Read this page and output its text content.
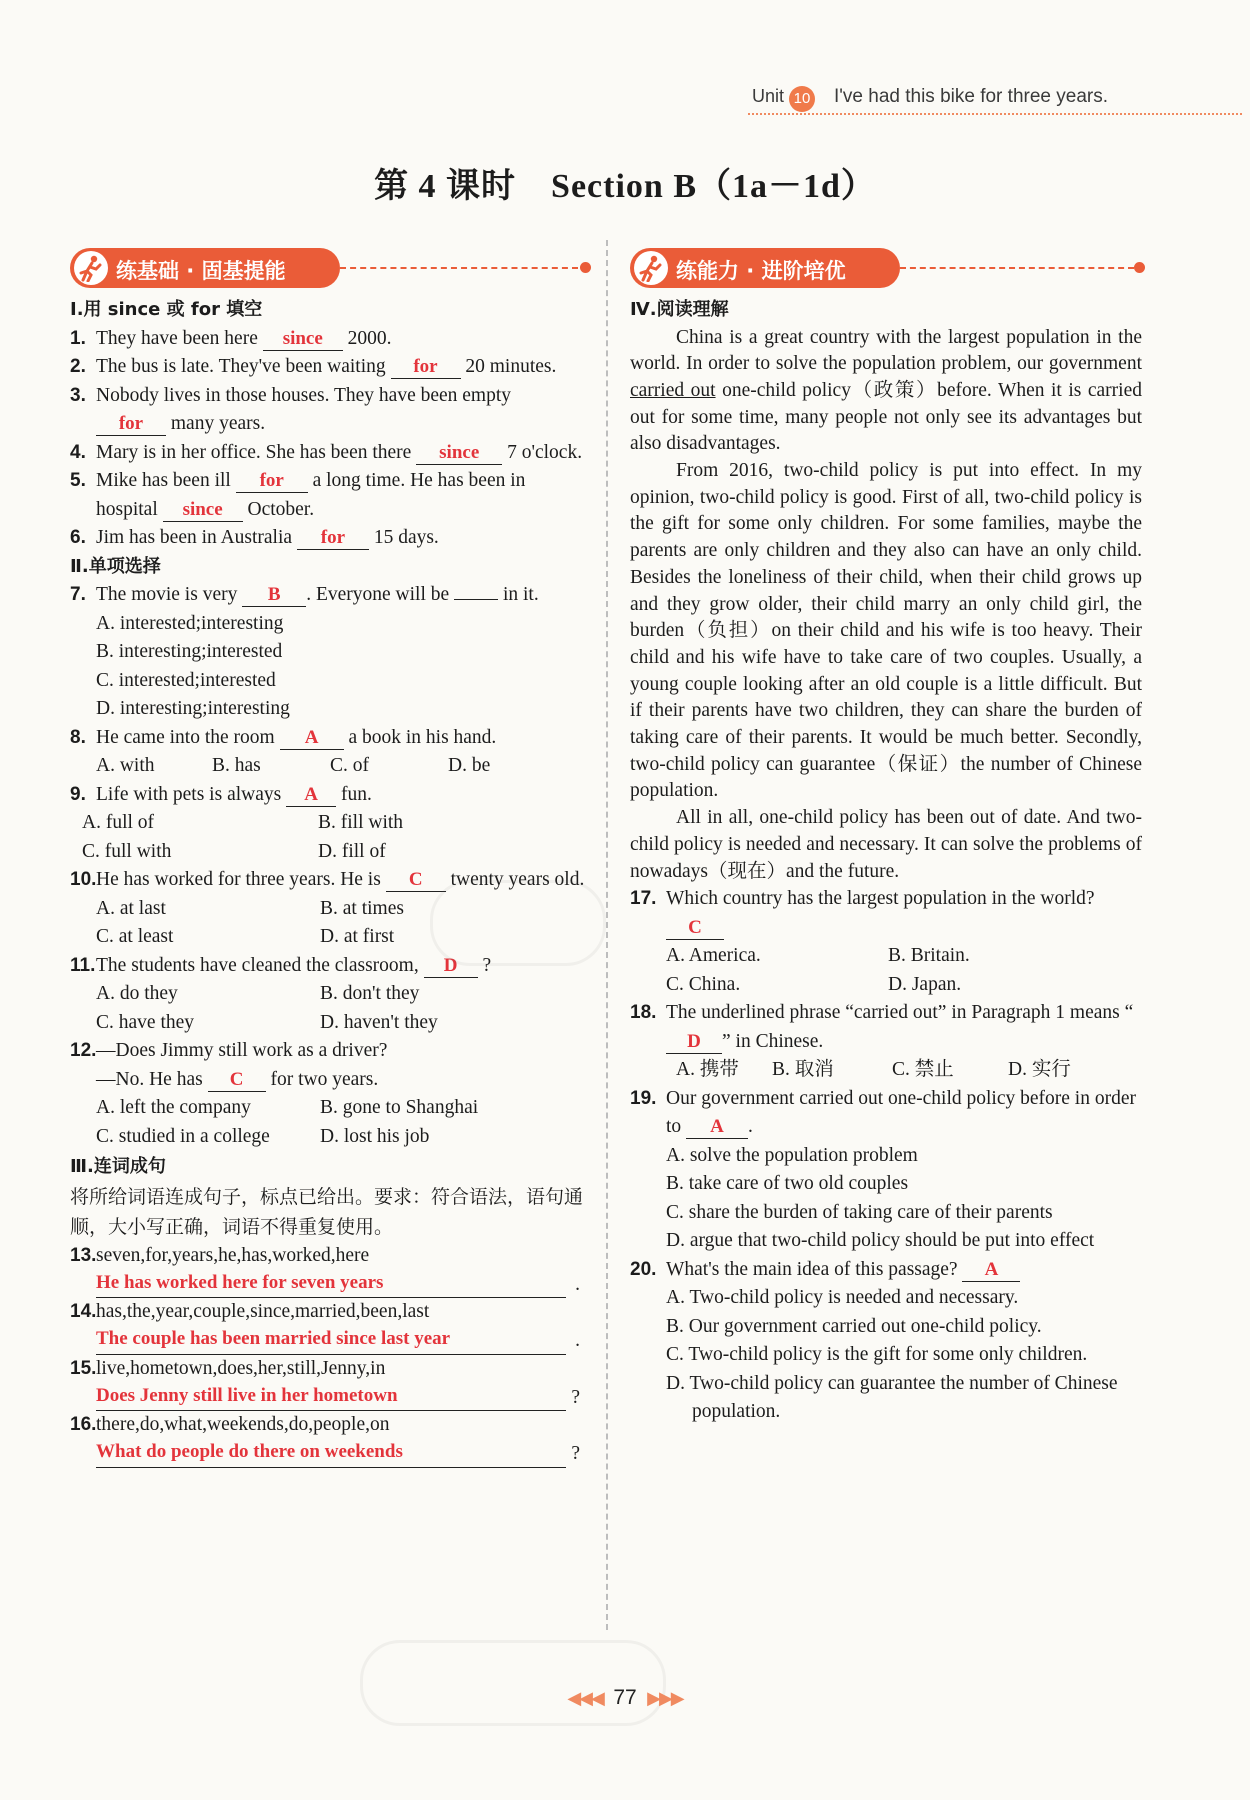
Unit 10 I've had this bike for three years.
第 4 课时　Section B（1a－1d）
练基础 · 固基提能	练能力 · 进阶培优
Ⅰ.用 since 或 for 填空
1. They have been here since 2000.
2. The bus is late. They've been waiting for 20 minutes.
3. Nobody lives in those houses. They have been empty for many years.
4. Mary is in her office. She has been there since 7 o'clock.
5. Mike has been ill for a long time. He has been in hospital since October.
6. Jim has been in Australia for 15 days.
Ⅱ.单项选择
7. The movie is very B . Everyone will be	in it.
A. interested;interesting
B. interesting;interested
C. interested;interested
D. interesting;interesting
8. He came into the room A a book in his hand.
A. with	B. has	C. of	D. be
9. Life with pets is always A fun.
A. full of	B. fill with
C. full with	D. fill of
10. He has worked for three years. He is C twenty years old.
A. at last	B. at times
C. at least	D. at first
11. The students have cleaned the classroom, D ?
A. do they	B. don't they
C. have they	D. haven't they
12. —Does Jimmy still work as a driver?
—No. He has C for two years.
A. left the company	B. gone to Shanghai
C. studied in a college	D. lost his job
Ⅲ.连词成句
将所给词语连成句子，标点已给出。要求：符合语法，语句通顺，大小写正确，词语不得重复使用。
13. seven,for,years,he,has,worked,here
He has worked here for seven years	.
14. has,the,year,couple,since,married,been,last
The couple has been married since last year	.
15. live,hometown,does,her,still,Jenny,in
Does Jenny still live in her hometown	?
16. there,do,what,weekends,do,people,on
What do people do there on weekends	?
Ⅳ.阅读理解

China is a great country with the largest population in the world. In order to solve the population problem, our government carried out one-child policy（政策）before. When it is carried out for some time, many people not only see its advantages but also disadvantages.

From 2016, two-child policy is put into effect. In my opinion, two-child policy is good. First of all, two-child policy is the gift for some only children. For some families, maybe the parents are only children and they also can have an only child. Besides the loneliness of their child, when their child grows up and they grow older, their child marry an only child girl, the burden（负担）on their child and his wife is too heavy. Their child and his wife have to take care of two couples. Usually, a young couple looking after an old couple is a little difficult. But if their parents have two children, they can share the burden of taking care of their parents. It would be much better. Secondly, two-child policy can guarantee（保证）the number of Chinese population.

All in all, one-child policy has been out of date. And two-child policy is needed and necessary. It can solve the problems of nowadays（现在）and the future.

17. Which country has the largest population in the world? C
A. America.	B. Britain.
C. China.	D. Japan.
18. The underlined phrase “carried out” in Paragraph 1 means “D ” in Chinese.
A. 携带	B. 取消	C. 禁止	D. 实行
19. Our government carried out one-child policy before in order to A .
A. solve the population problem
B. take care of two old couples
C. share the burden of taking care of their parents
D. argue that two-child policy should be put into effect
20. What's the main idea of this passage? A
A. Two-child policy is needed and necessary.
B. Our government carried out one-child policy.
C. Two-child policy is the gift for some only children.
D. Two-child policy can guarantee the number of Chinese population.
◀◀◀ 77 ▶▶▶
